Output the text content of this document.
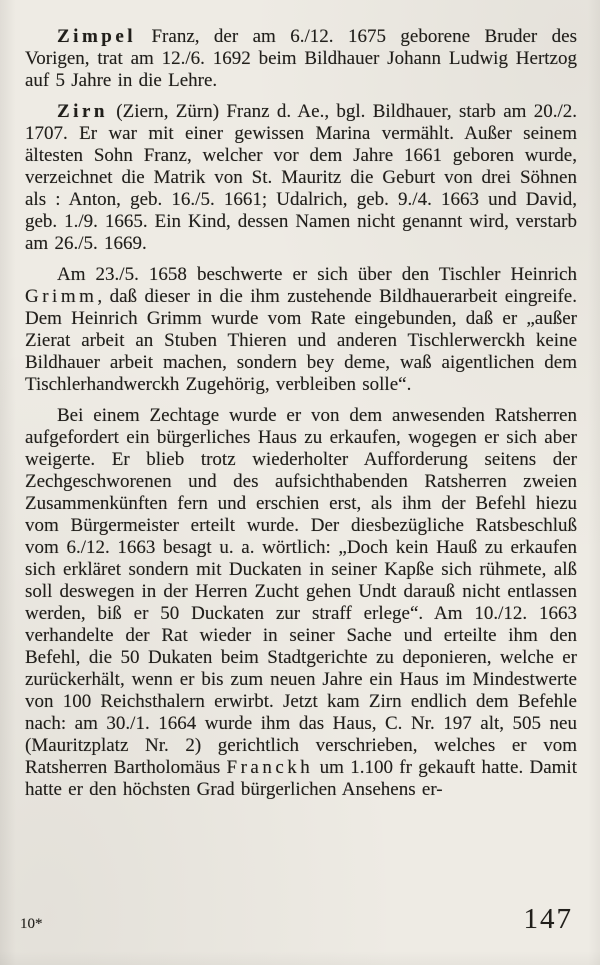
Zimpel Franz, der am 6./12. 1675 geborene Bruder des Vorigen, trat am 12./6. 1692 beim Bildhauer Johann Ludwig Hertzog auf 5 Jahre in die Lehre.

Zirn (Ziern, Zürn) Franz d. Ae., bgl. Bildhauer, starb am 20./2. 1707. Er war mit einer gewissen Marina vermählt. Außer seinem ältesten Sohn Franz, welcher vor dem Jahre 1661 geboren wurde, verzeichnet die Matrik von St. Mauritz die Geburt von drei Söhnen als : Anton, geb. 16./5. 1661; Udalrich, geb. 9./4. 1663 und David, geb. 1./9. 1665. Ein Kind, dessen Namen nicht genannt wird, verstarb am 26./5. 1669.

Am 23./5. 1658 beschwerte er sich über den Tischler Heinrich Grimm, daß dieser in die ihm zustehende Bildhauerarbeit eingreife. Dem Heinrich Grimm wurde vom Rate eingebunden, daß er „außer Zierat arbeit an Stuben Thieren und anderen Tischlerwerckh keine Bildhauer arbeit machen, sondern bey deme, waß aigentlichen dem Tischlerhandwerckh Zugehörig, verbleiben solle“.

Bei einem Zechtage wurde er von dem anwesenden Ratsherren aufgefordert ein bürgerliches Haus zu erkaufen, wogegen er sich aber weigerte. Er blieb trotz wiederholter Aufforderung seitens der Zechgeschworenen und des aufsichthabenden Ratsherren zweien Zusammenkünften fern und erschien erst, als ihm der Befehl hiezu vom Bürgermeister erteilt wurde. Der diesbezügliche Ratsbeschluß vom 6./12. 1663 besagt u. a. wörtlich: „Doch kein Hauß zu erkaufen sich erkläret sondern mit Duckaten in seiner Kapße sich rühmete, alß soll deswegen in der Herren Zucht gehen Undt darauß nicht entlassen werden, biß er 50 Duckaten zur straff erlege“. Am 10./12. 1663 verhandelte der Rat wieder in seiner Sache und erteilte ihm den Befehl, die 50 Dukaten beim Stadtgerichte zu deponieren, welche er zurückerhält, wenn er bis zum neuen Jahre ein Haus im Mindestwerte von 100 Reichsthalern erwirbt. Jetzt kam Zirn endlich dem Befehle nach: am 30./1. 1664 wurde ihm das Haus, C. Nr. 197 alt, 505 neu (Mauritzplatz Nr. 2) gerichtlich verschrieben, welches er vom Ratsherren Bartholomäus Franckh um 1.100 fr gekauft hatte. Damit hatte er den höchsten Grad bürgerlichen Ansehens er-

10*	147
